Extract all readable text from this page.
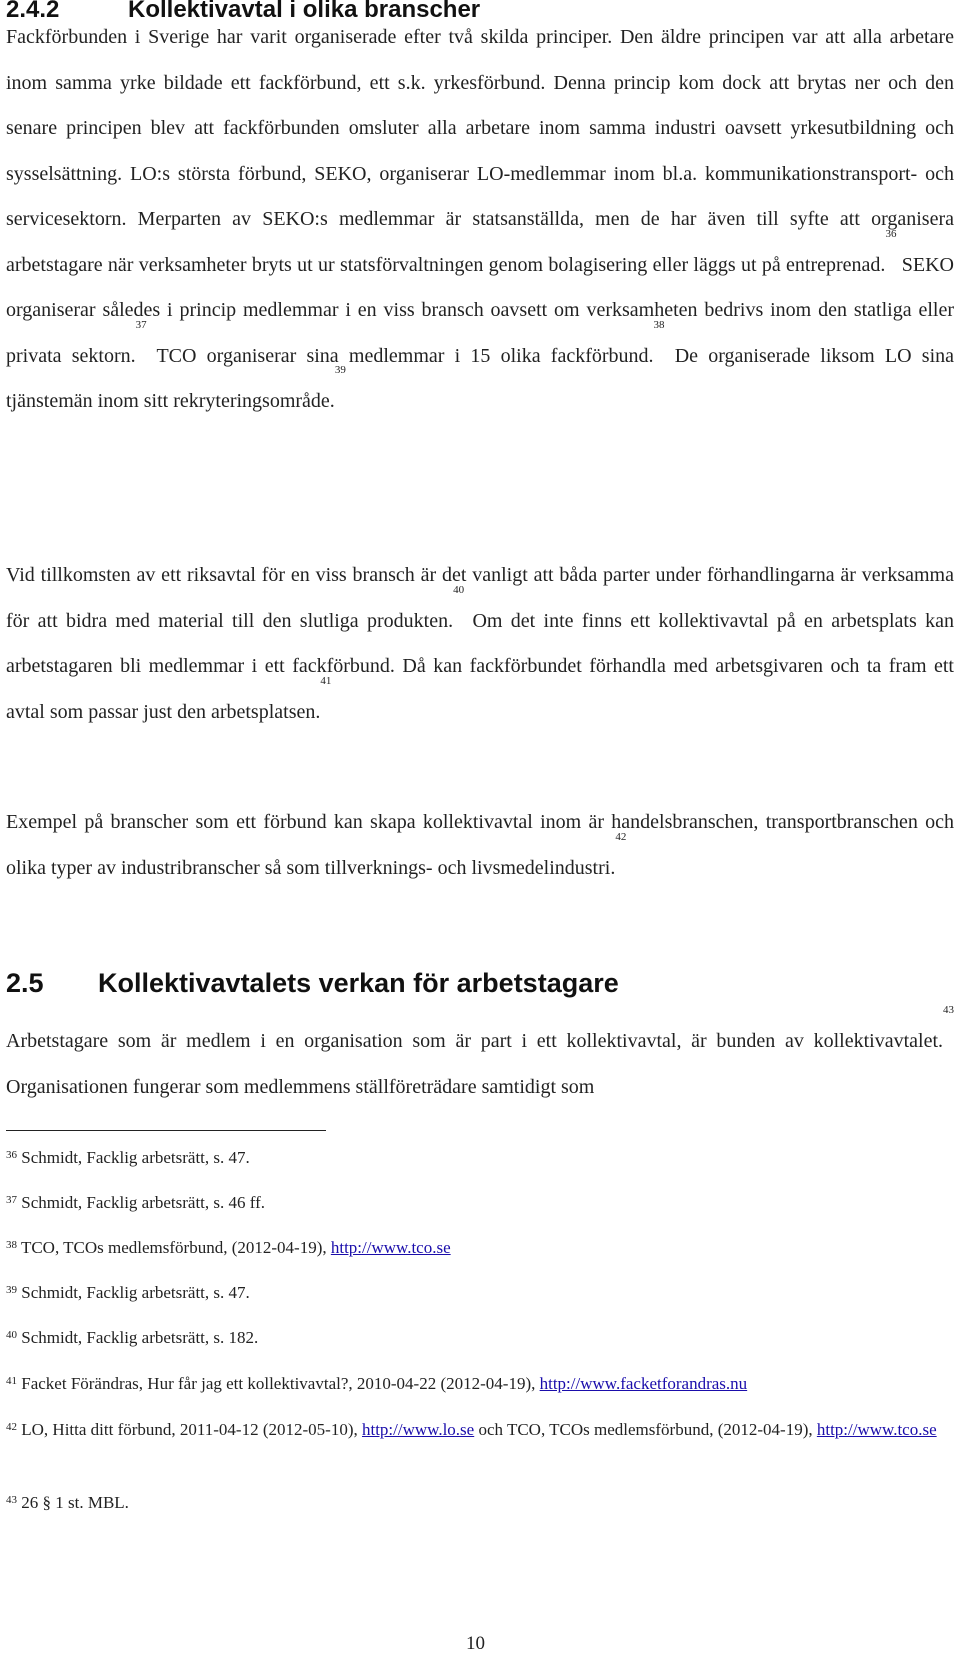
2.4.2	Kollektivavtal i olika branscher

Fackförbunden i Sverige har varit organiserade efter två skilda principer. Den äldre principen var att alla arbetare inom samma yrke bildade ett fackförbund, ett s.k. yrkesförbund. Denna princip kom dock att brytas ner och den senare principen blev att fackförbunden omsluter alla arbetare inom samma industri oavsett yrkesutbildning och sysselsättning. LO:s största förbund, SEKO, organiserar LO-medlemmar inom bl.a. kommunikationstransport- och servicesektorn. Merparten av SEKO:s medlemmar är statsanställda, men de har även till syfte att organisera arbetstagare när verksamheter bryts ut ur statsförvaltningen genom bolagisering eller läggs ut på entreprenad.$^{36}$ SEKO organiserar således i princip medlemmar i en viss bransch oavsett om verksamheten bedrivs inom den statliga eller privata sektorn.$^{37}$ TCO organiserar sina medlemmar i 15 olika fackförbund.$^{38}$ De organiserade liksom LO sina tjänstemän inom sitt rekryteringsområde.$^{39}$

Vid tillkomsten av ett riksavtal för en viss bransch är det vanligt att båda parter under förhandlingarna är verksamma för att bidra med material till den slutliga produkten.$^{40}$ Om det inte finns ett kollektivavtal på en arbetsplats kan arbetstagaren bli medlemmar i ett fackförbund. Då kan fackförbundet förhandla med arbetsgivaren och ta fram ett avtal som passar just den arbetsplatsen.$^{41}$

Exempel på branscher som ett förbund kan skapa kollektivavtal inom är handelsbranschen, transportbranschen och olika typer av industribranscher så som tillverknings- och livsmedelindustri.$^{42}$

2.5 Kollektivavtalets verkan för arbetstagare

Arbetstagare som är medlem i en organisation som är part i ett kollektivavtal, är bunden av kollektivavtalet.$^{43}$ Organisationen fungerar som medlemmens ställföreträdare samtidigt som

$^{36}$ Schmidt, Facklig arbetsrätt, s. 47.

$^{37}$ Schmidt, Facklig arbetsrätt, s. 46 ff.

$^{38}$ TCO, TCOs medlemsförbund, (2012-04-19), http://www.tco.se

$^{39}$ Schmidt, Facklig arbetsrätt, s. 47.

$^{40}$ Schmidt, Facklig arbetsrätt, s. 182.

$^{41}$ Facket Förändras, Hur får jag ett kollektivavtal?, 2010-04-22 (2012-04-19), http://www.facketforandras.nu

$^{42}$ LO, Hitta ditt förbund, 2011-04-12 (2012-05-10), http://www.lo.se och TCO, TCOs medlemsförbund, (2012-04-19), http://www.tco.se

$^{43}$ 26 § 1 st. MBL.

10
